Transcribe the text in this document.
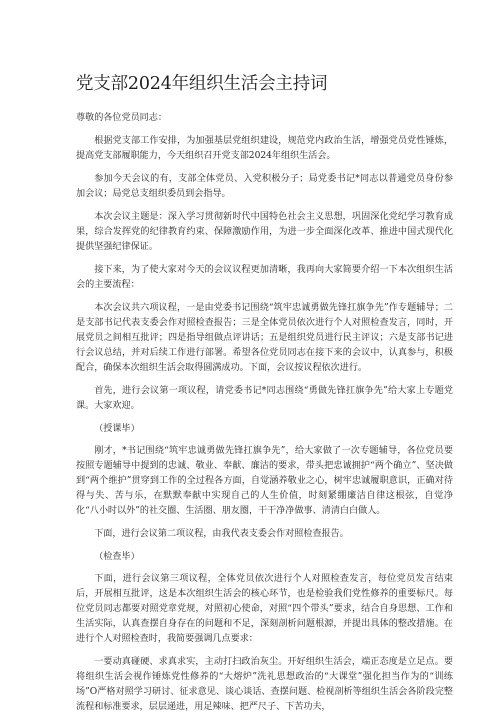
党支部2024年组织生活会主持词

尊敬的各位党员同志：

根据党支部工作安排，为加强基层党组织建设，规范党内政治生活，增强党员党性锤炼，提高党支部履职能力，今天组织召开党支部2024年组织生活会。

参加今天会议的有，支部全体党员、入党积极分子；局党委书记*同志以普通党员身份参加会议；局党总支组织委员到会指导。

本次会议主题是：深入学习贯彻新时代中国特色社会主义思想，巩固深化党纪学习教育成果，综合发挥党的纪律教育约束、保障激励作用，为进一步全面深化改革、推进中国式现代化提供坚强纪律保证。

接下来，为了使大家对今天的会议议程更加清晰，我再向大家简要介绍一下本次组织生活会的主要流程：

本次会议共六项议程，一是由党委书记围绕“筑牢忠诚勇做先锋扛旗争先”作专题辅导；二是支部书记代表支委会作对照检查报告；三是全体党员依次进行个人对照检查发言，同时，开展党员之间相互批评；四是指导组做点评讲话；五是组织党员进行民主评议；六是支部书记进行会议总结，并对后续工作进行部署。希望各位党员同志在接下来的会议中，认真参与，积极配合，确保本次组织生活会取得圆满成功。下面，会议按议程依次进行。

首先，进行会议第一项议程，请党委书记*同志围绕“勇做先锋扛旗争先”给大家上专题党课。大家欢迎。

（授课毕）

刚才，*书记围绕“筑牢忠诚勇做先锋扛旗争先”，给大家做了一次专题辅导，各位党员要按照专题辅导中提到的忠诚、敬业、奉献、廉洁的要求，带头把忠诚拥护“两个确立”、坚决做到“两个维护”贯穿到工作的全过程各方面，自觉涵养敬业之心，树牢忠诚履职意识，正确对待得与失、苦与乐，在默默奉献中实现自己的人生价值，时刻紧绷廉洁自律这根弦，自觉净化“八小时以外”的社交圈、生活圈、朋友圈，干干净净做事、清清白白做人。

下面，进行会议第二项议程，由我代表支委会作对照检查报告。

（检查毕）

下面，进行会议第三项议程，全体党员依次进行个人对照检查发言，每位党员发言结束后，开展相互批评，这是本次组织生活会的核心环节，也是检验我们党性修养的重要标尺。每位党员同志都要对照党章党规，对照初心使命，对照“四个带头”要求，结合自身思想、工作和生活实际，认真查摆自身存在的问题和不足，深刻剖析问题根源，并提出具体的整改措施。在进行个人对照检查时，我简要强调几点要求：

一要动真碰硬、求真求实，主动打扫政治灰尘。开好组织生活会，端正态度是立足点。要将组织生活会视作锤炼党性修养的“大熔炉”洗礼思想政治的“大课堂”强化担当作为的“训练场”O严格对照学习研讨、征求意见、谈心谈话、查摆问题、检视剖析等组织生活会各阶段完整流程和标准要求，层层递进，用足辣味、把严尺子、下苦功夫，
